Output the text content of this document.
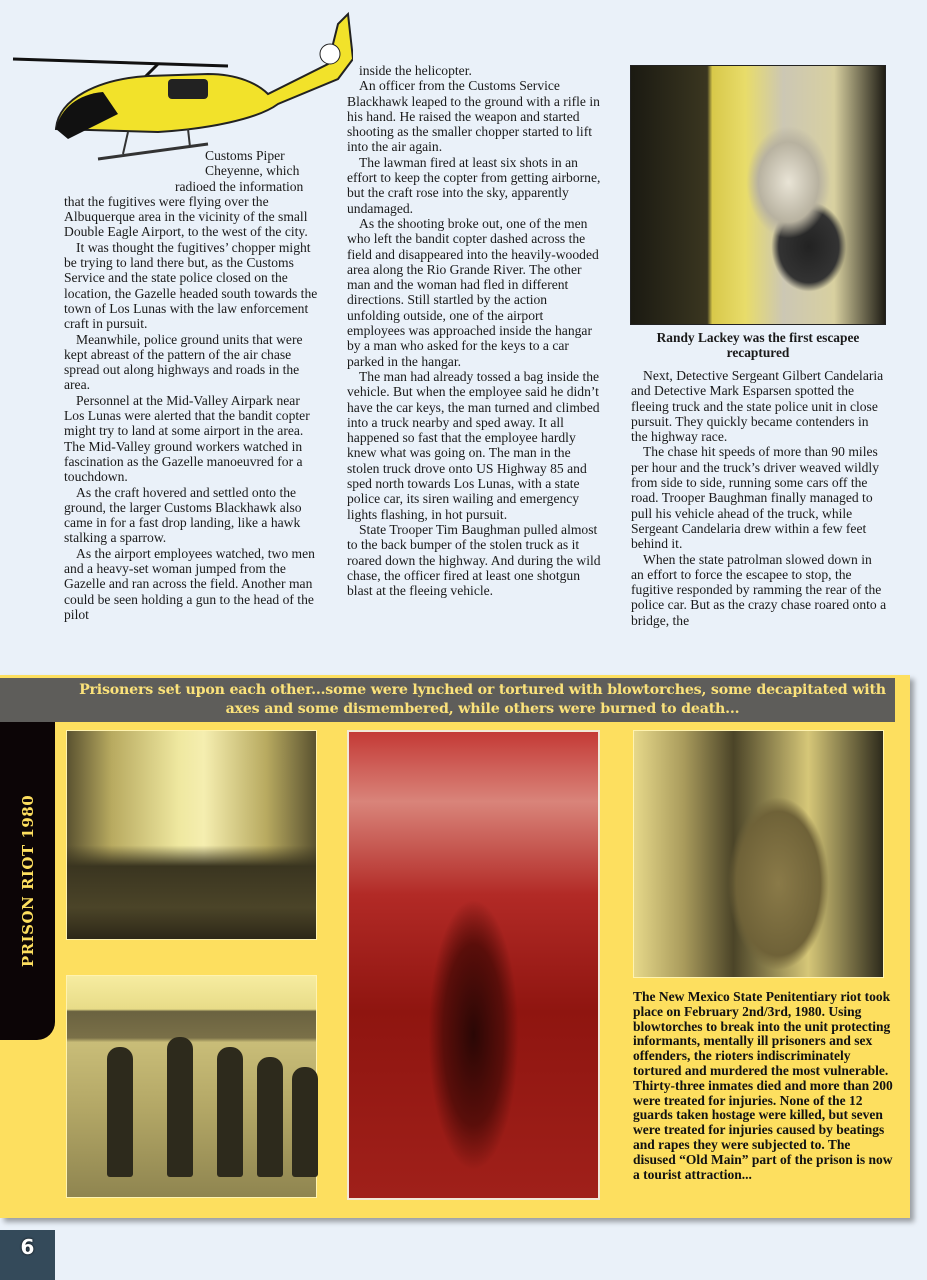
Customs Piper
Cheyenne, which
radioed the information
that the fugitives were flying over the Albuquerque area in the vicinity of the small Double Eagle Airport, to the west of the city.

It was thought the fugitives’ chopper might be trying to land there but, as the Customs Service and the state police closed on the location, the Gazelle headed south towards the town of Los Lunas with the law enforcement craft in pursuit.

Meanwhile, police ground units that were kept abreast of the pattern of the air chase spread out along highways and roads in the area.

Personnel at the Mid-Valley Airpark near Los Lunas were alerted that the bandit copter might try to land at some airport in the area. The Mid-Valley ground workers watched in fascination as the Gazelle manoeuvred for a touchdown.

As the craft hovered and settled onto the ground, the larger Customs Blackhawk also came in for a fast drop landing, like a hawk stalking a sparrow.

As the airport employees watched, two men and a heavy-set woman jumped from the Gazelle and ran across the field. Another man could be seen holding a gun to the head of the pilot

inside the helicopter.

An officer from the Customs Service Blackhawk leaped to the ground with a rifle in his hand. He raised the weapon and started shooting as the smaller chopper started to lift into the air again.

The lawman fired at least six shots in an effort to keep the copter from getting airborne, but the craft rose into the sky, apparently undamaged.

As the shooting broke out, one of the men who left the bandit copter dashed across the field and disappeared into the heavily-wooded area along the Rio Grande River. The other man and the woman had fled in different directions. Still startled by the action unfolding outside, one of the airport employees was approached inside the hangar by a man who asked for the keys to a car parked in the hangar.

The man had already tossed a bag inside the vehicle. But when the employee said he didn’t have the car keys, the man turned and climbed into a truck nearby and sped away. It all happened so fast that the employee hardly knew what was going on. The man in the stolen truck drove onto US Highway 85 and sped north towards Los Lunas, with a state police car, its siren wailing and emergency lights flashing, in hot pursuit.

State Trooper Tim Baughman pulled almost to the back bumper of the stolen truck as it roared down the highway. And during the wild chase, the officer fired at least one shotgun blast at the fleeing vehicle.

Randy Lackey was the first escapee recaptured

Next, Detective Sergeant Gilbert Candelaria and Detective Mark Esparsen spotted the fleeing truck and the state police unit in close pursuit. They quickly became contenders in the highway race.

The chase hit speeds of more than 90 miles per hour and the truck’s driver weaved wildly from side to side, running some cars off the road. Trooper Baughman finally managed to pull his vehicle ahead of the truck, while Sergeant Candelaria drew within a few feet behind it.

When the state patrolman slowed down in an effort to force the escapee to stop, the fugitive responded by ramming the rear of the police car. But as the crazy chase roared onto a bridge, the

Prisoners set upon each other...some were lynched or tortured with blowtorches, some decapitated with axes and some dismembered, while others were burned to death...
PRISON RIOT 1980
The New Mexico State Penitentiary riot took place on February 2nd/3rd, 1980. Using blowtorches to break into the unit protecting informants, mentally ill prisoners and sex offenders, the rioters indiscriminately tortured and murdered the most vulnerable. Thirty-three inmates died and more than 200 were treated for injuries. None of the 12 guards taken hostage were killed, but seven were treated for injuries caused by beatings and rapes they were subjected to. The disused “Old Main” part of the prison is now a tourist attraction...
6
